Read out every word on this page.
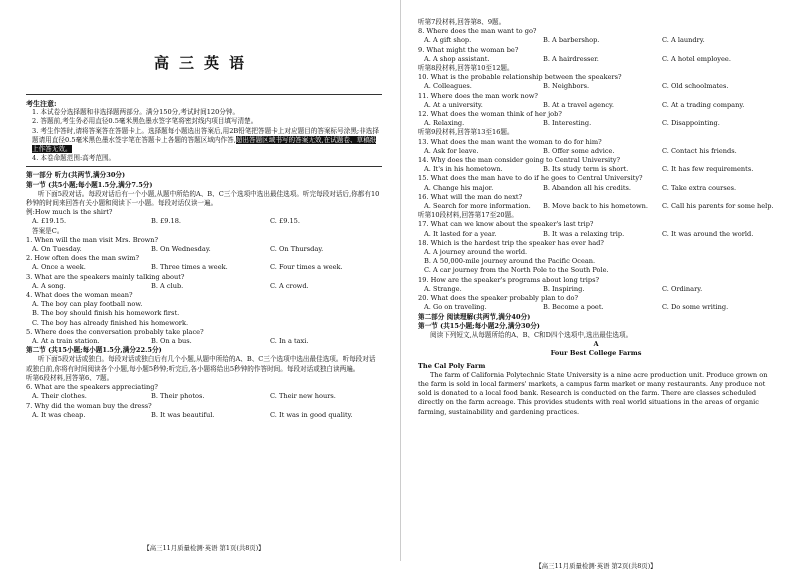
高三英语
考生注意:
1. 本试卷分选择题和非选择题两部分。满分150分,考试时间120分钟。
2. 答题前,考生务必用直径0.5毫米黑色墨水签字笔将密封线内项目填写清楚。
3. 考生作答时,请将答案答在答题卡上。选择题每小题选出答案后,用2B铅笔把答题卡上对应题目的答案标号涂黑;非选择题请用直径0.5毫米黑色墨水签字笔在答题卡上各题的答题区域内作答,超出答题区域书写的答案无效,在试题卷、草稿纸上作答无效。
4. 本卷命题范围:高考范围。
第一部分 听力(共两节,满分30分)
第一节 (共5小题;每小题1.5分,满分7.5分)
听下面5段对话。每段对话后有一个小题,从题中所给的A、B、C三个选项中选出最佳选项。听完每段对话后,你都有10秒钟的时间来回答有关小题和阅读下一小题。每段对话仅读一遍。
例:How much is the shirt?
A. £19.15.	B. £9.18.	C. £9.15.
答案是C。
1. When will the man visit Mrs. Brown?
A. On Tuesday.	B. On Wednesday.	C. On Thursday.
2. How often does the man swim?
A. Once a week.	B. Three times a week.	C. Four times a week.
3. What are the speakers mainly talking about?
A. A song.	B. A club.	C. A crowd.
4. What does the woman mean?
A. The boy can play football now.
B. The boy should finish his homework first.
C. The boy has already finished his homework.
5. Where does the conversation probably take place?
A. At a train station.	B. On a bus.	C. In a taxi.
第二节 (共15小题;每小题1.5分,满分22.5分)
听下面5段对话或独白。每段对话或独白后有几个小题,从题中所给的A、B、C三个选项中选出最佳选项。听每段对话或独白前,你将有时间阅读各个小题,每小题5秒钟;听完后,各小题将给出5秒钟的作答时间。每段对话或独白读两遍。
听第6段材料,回答第6、7题。
6. What are the speakers appreciating?
A. Their clothes.	B. Their photos.	C. Their new hours.
7. Why did the woman buy the dress?
A. It was cheap.	B. It was beautiful.	C. It was in good quality.
【高三11月质量检测·英语 第1页(共8页)】
听第7段材料,回答第8、9题。
8. Where does the man want to go?
A. A gift shop.	B. A barbershop.	C. A laundry.
9. What might the woman be?
A. A shop assistant.	B. A hairdresser.	C. A hotel employee.
听第8段材料,回答第10至12题。
10. What is the probable relationship between the speakers?
A. Colleagues.	B. Neighbors.	C. Old schoolmates.
11. Where does the man work now?
A. At a university.	B. At a travel agency.	C. At a trading company.
12. What does the woman think of her job?
A. Relaxing.	B. Interesting.	C. Disappointing.
听第9段材料,回答第13至16题。
13. What does the man want the woman to do for him?
A. Ask for leave.	B. Offer some advice.	C. Contact his friends.
14. Why does the man consider going to Central University?
A. It's in his hometown.	B. Its study term is short.	C. It has few requirements.
15. What does the man have to do if he goes to Central University?
A. Change his major.	B. Abandon all his credits.	C. Take extra courses.
16. What will the man do next?
A. Search for more information.	B. Move back to his hometown.	C. Call his parents for some help.
听第10段材料,回答第17至20题。
17. What can we know about the speaker's last trip?
A. It lasted for a year.	B. It was a relaxing trip.	C. It was around the world.
18. Which is the hardest trip the speaker has ever had?
A. A journey around the world.
B. A 50,000-mile journey around the Pacific Ocean.
C. A car journey from the North Pole to the South Pole.
19. How are the speaker's programs about long trips?
A. Strange.	B. Inspiring.	C. Ordinary.
20. What does the speaker probably plan to do?
A. Go on traveling.	B. Become a poet.	C. Do some writing.
第二部分 阅读理解(共两节,满分40分)
第一节 (共15小题;每小题2分,满分30分)
阅读下列短文,从每题所给的A、B、C和D四个选项中,选出最佳选项。
A
Four Best College Farms
The Cal Poly Farm
The farm of California Polytechnic State University is a nine acre production unit. Produce grown on the farm is sold in local farmers' markets, a campus farm market or many restaurants. Any produce not sold is donated to a local food bank. Research is conducted on the farm. There are classes scheduled directly on the farm acreage. This provides students with real world situations in the areas of organic farming, sustainability and gardening practices.
【高三11月质量检测·英语 第2页(共8页)】
